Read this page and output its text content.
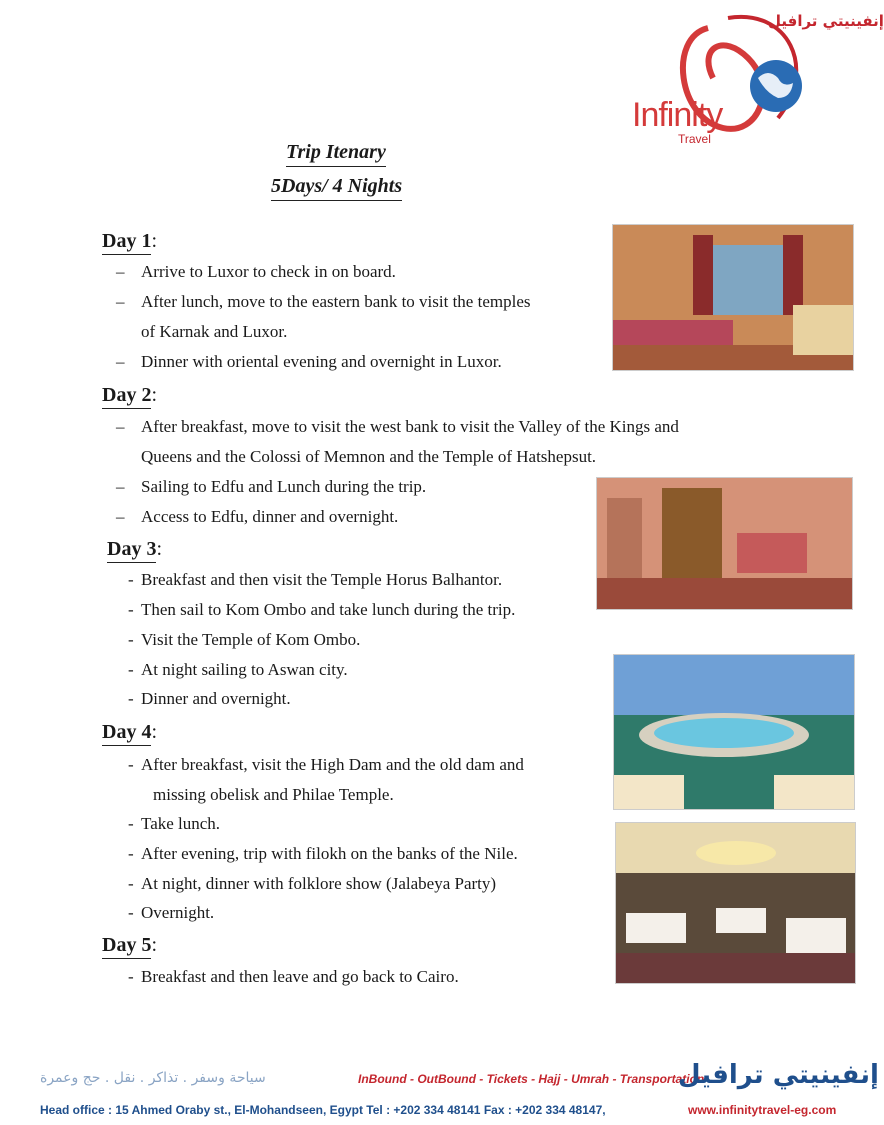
إنفينيتي ترافيل
Infinity
Travel
Trip Itenary
5Days/ 4 Nights
Day 1:
– Arrive to Luxor to check in on board.
– After lunch, move to the eastern bank to visit the temples
of Karnak and Luxor.
– Dinner with oriental evening and overnight in Luxor.
Day 2:
– After breakfast, move to visit the west bank to visit the Valley of the Kings and
Queens and the Colossi of Memnon and the Temple of Hatshepsut.
– Sailing to Edfu and Lunch during the trip.
– Access to Edfu, dinner and overnight.
Day 3:
- Breakfast and then visit the Temple Horus Balhantor.
- Then sail to Kom Ombo and take lunch during the trip.
- Visit the Temple of Kom Ombo.
- At night sailing to Aswan city.
- Dinner and overnight.
Day 4:
- After breakfast, visit the High Dam and the old dam and
missing obelisk and Philae Temple.
- Take lunch.
- After evening, trip with filokh on the banks of the Nile.
- At night, dinner with folklore show (Jalabeya Party)
- Overnight.
Day 5:
- Breakfast and then leave and go back to Cairo.
سياحة وسفر . تذاكر . نقل . حج وعمرة	InBound - OutBound - Tickets - Hajj - Umrah - Transportation
إنفينيتي ترافيل
Head office : 15 Ahmed Oraby st., El-Mohandseen, Egypt Tel : +202 334 48141 Fax : +202 334 48147,	www.infinitytravel-eg.com
